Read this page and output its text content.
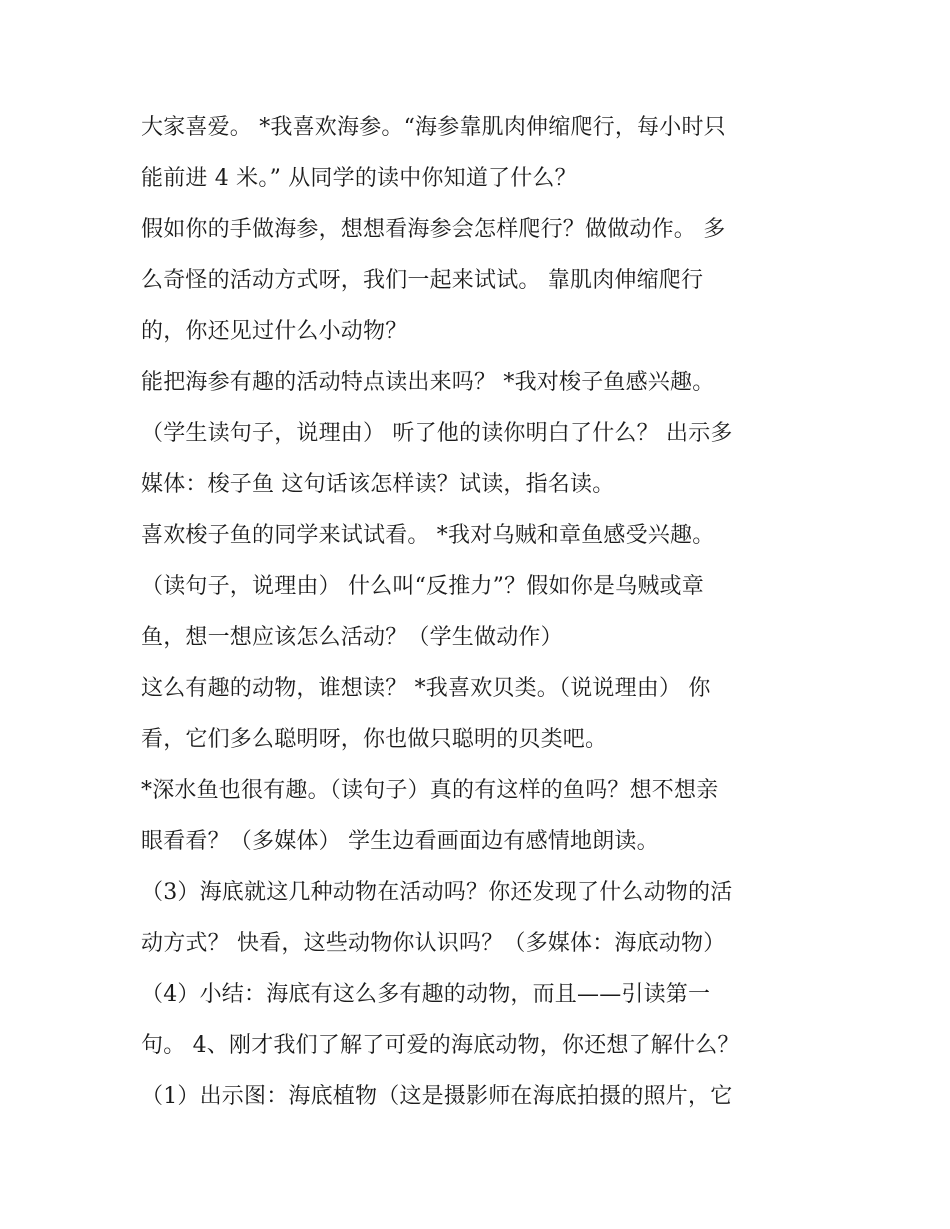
大家喜爱。 *我喜欢海参。“海参靠肌肉伸缩爬行，每小时只
能前进 4 米。” 从同学的读中你知道了什么？
假如你的手做海参，想想看海参会怎样爬行？做做动作。 多
么奇怪的活动方式呀，我们一起来试试。 靠肌肉伸缩爬行
的，你还见过什么小动物？
能把海参有趣的活动特点读出来吗？ *我对梭子鱼感兴趣。
（学生读句子，说理由） 听了他的读你明白了什么？ 出示多
媒体：梭子鱼 这句话该怎样读？试读，指名读。
喜欢梭子鱼的同学来试试看。 *我对乌贼和章鱼感受兴趣。
（读句子，说理由） 什么叫“反推力”？假如你是乌贼或章
鱼，想一想应该怎么活动？（学生做动作）
这么有趣的动物，谁想读？ *我喜欢贝类。（说说理由） 你
看，它们多么聪明呀，你也做只聪明的贝类吧。
*深水鱼也很有趣。（读句子）真的有这样的鱼吗？想不想亲
眼看看？（多媒体） 学生边看画面边有感情地朗读。
（3）海底就这几种动物在活动吗？你还发现了什么动物的活
动方式？ 快看，这些动物你认识吗？（多媒体：海底动物）
（4）小结：海底有这么多有趣的动物，而且——引读第一
句。 4、刚才我们了解了可爱的海底动物，你还想了解什么？
（1）出示图：海底植物（这是摄影师在海底拍摄的照片，它
